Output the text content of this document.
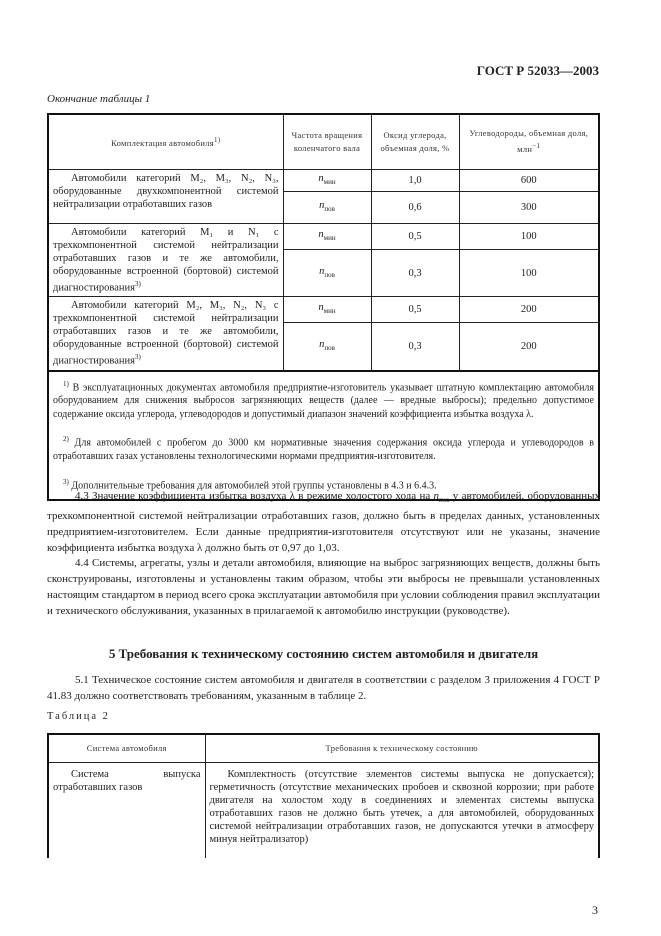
ГОСТ Р 52033—2003
Окончание таблицы 1
Комплектация автомобиля$^{1)}$	Частота вращения коленчатого вала	Оксид углерода, объемная доля, %	Углеводороды, объемная доля, млн$^{-1}$
Автомобили категорий M₂, M₃, N₂, N₃, оборудованные двухкомпонентной системой нейтрализации отработавших газов	$n_{мин}$	1,0	600
	$n_{пов}$	0,6	300
Автомобили категорий M₁ и N₁ с трехкомпонентной системой нейтрализации отработавших газов и те же автомобили, оборудованные встроенной (бортовой) системой диагностирования$^{3)}$	$n_{мин}$	0,5	100
	$n_{пов}$	0,3	100
Автомобили категорий M₂, M₃, N₂, N₃ с трехкомпонентной системой нейтрализации отработавших газов и те же автомобили, оборудованные встроенной (бортовой) системой диагностирования$^{3)}$	$n_{мин}$	0,5	200
	$n_{пов}$	0,3	200
$^{1)}$ В эксплуатационных документах автомобиля предприятие-изготовитель указывает штатную комплектацию автомобиля оборудованием для снижения выбросов загрязняющих веществ (далее — вредные выбросы); предельно допустимое содержание оксида углерода, углеводородов и допустимый диапазон значений коэффициента избытка воздуха λ.			
$^{2)}$ Для автомобилей с пробегом до 3000 км нормативные значения содержания оксида углерода и углеводородов в отработавших газах установлены технологическими нормами предприятия-изготовителя.			
$^{3)}$ Дополнительные требования для автомобилей этой группы установлены в 4.3 и 6.4.3.			

4.3 Значение коэффициента избытка воздуха λ в режиме холостого хода на $n_{пов}$ у автомобилей, оборудованных трехкомпонентной системой нейтрализации отработавших газов, должно быть в пределах данных, установленных предприятием-изготовителем. Если данные предприятия-изготовителя отсутствуют или не указаны, значение коэффициента избытка воздуха λ должно быть от 0,97 до 1,03.

4.4 Системы, агрегаты, узлы и детали автомобиля, влияющие на выброс загрязняющих веществ, должны быть сконструированы, изготовлены и установлены таким образом, чтобы эти выбросы не превышали установленных настоящим стандартом в период всего срока эксплуатации автомобиля при условии соблюдения правил эксплуатации и технического обслуживания, указанных в прилагаемой к автомобилю инструкции (руководстве).

5 Требования к техническому состоянию систем автомобиля и двигателя

5.1 Техническое состояние систем автомобиля и двигателя в соответствии с разделом 3 приложения 4 ГОСТ Р 41.83 должно соответствовать требованиям, указанным в таблице 2.

Таблица 2
Система автомобиля	Требования к техническому состоянию
Система выпуска отработавших газов	Комплектность (отсутствие элементов системы выпуска не допускается); герметичность (отсутствие механических пробоев и сквозной коррозии; при работе двигателя на холостом ходу в соединениях и элементах системы выпуска отработавших газов не должно быть утечек, а для автомобилей, оборудованных системой нейтрализации отработавших газов, не допускаются утечки в атмосферу минуя нейтрализатор)
3
